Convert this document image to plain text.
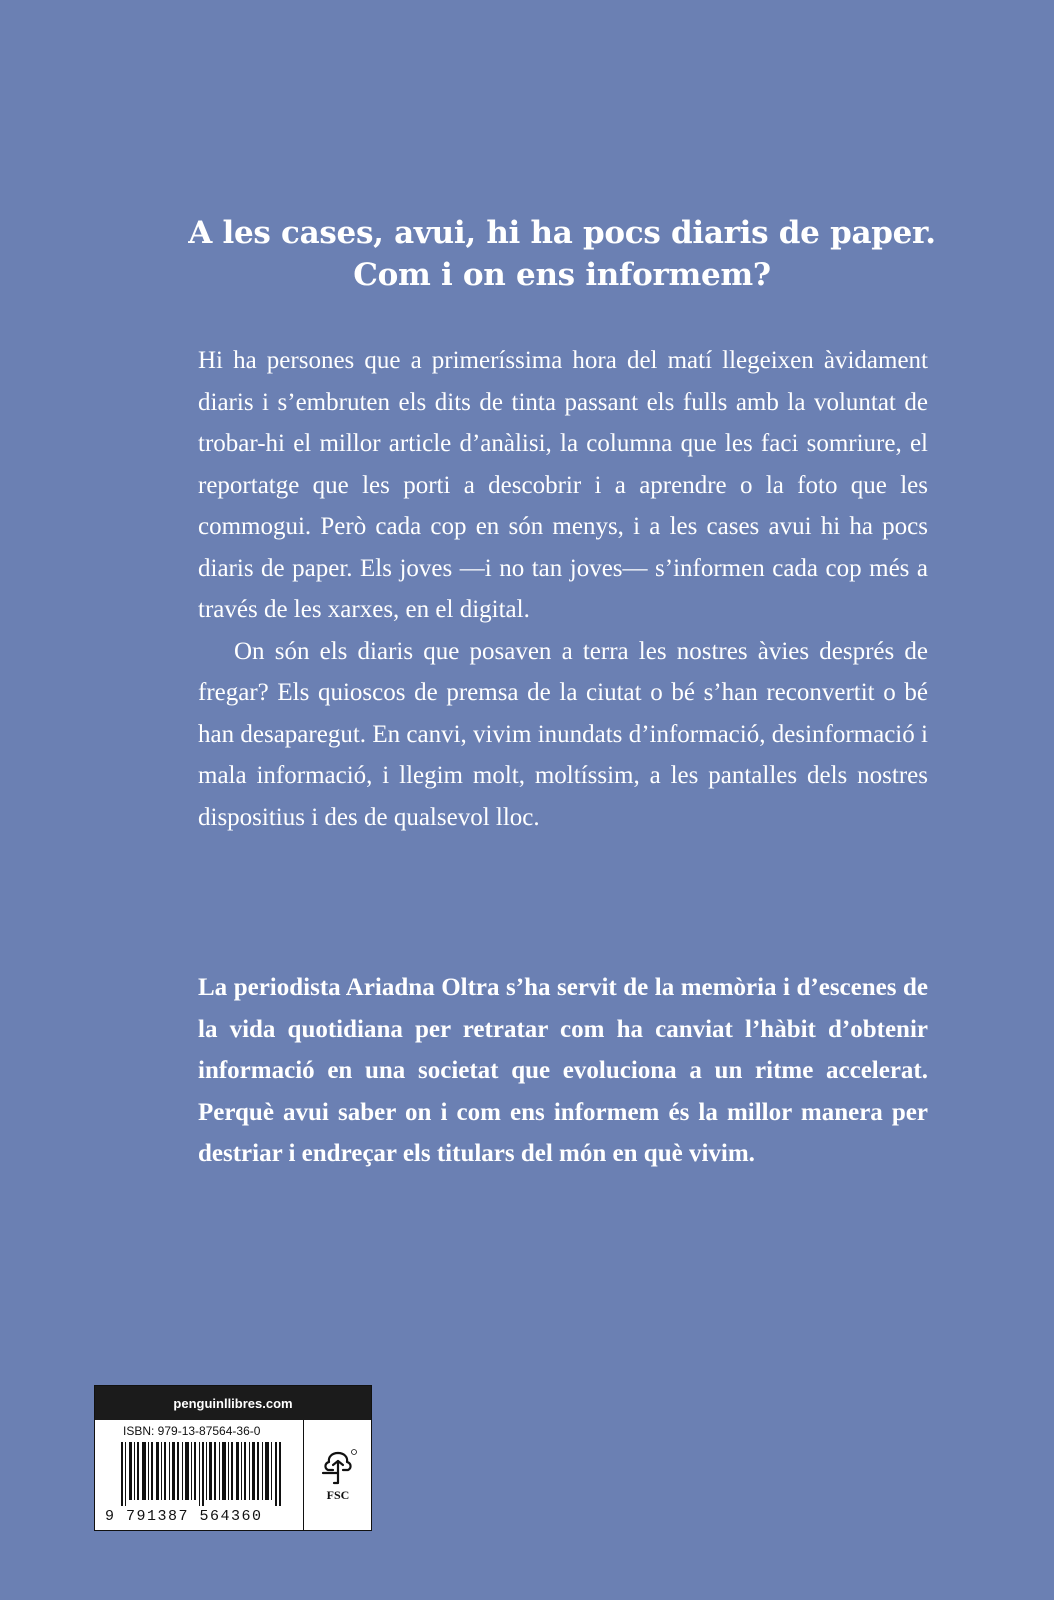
A les cases, avui, hi ha pocs diaris de paper.
Com i on ens informem?

Hi ha persones que a primeríssima hora del matí llegeixen àvidament diaris i s’embruten els dits de tinta passant els fulls amb la voluntat de trobar-hi el millor article d’anàlisi, la columna que les faci somriure, el reportatge que les porti a descobrir i a aprendre o la foto que les commogui. Però cada cop en són menys, i a les cases avui hi ha pocs diaris de paper. Els joves —i no tan joves— s’informen cada cop més a través de les xarxes, en el digital.

On són els diaris que posaven a terra les nostres àvies després de fregar? Els quioscos de premsa de la ciutat o bé s’han reconvertit o bé han desaparegut. En canvi, vivim inundats d’informació, desinformació i mala informació, i llegim molt, moltíssim, a les pantalles dels nostres dispositius i des de qualsevol lloc.

La periodista Ariadna Oltra s’ha servit de la memòria i d’escenes de la vida quotidiana per retratar com ha canviat l’hàbit d’obtenir informació en una societat que evoluciona a un ritme accelerat. Perquè avui saber on i com ens informem és la millor manera per destriar i endreçar els titulars del món en què vivim.

penguinllibres.com
ISBN: 979-13-87564-36-0
9 791387 564360
FSC
